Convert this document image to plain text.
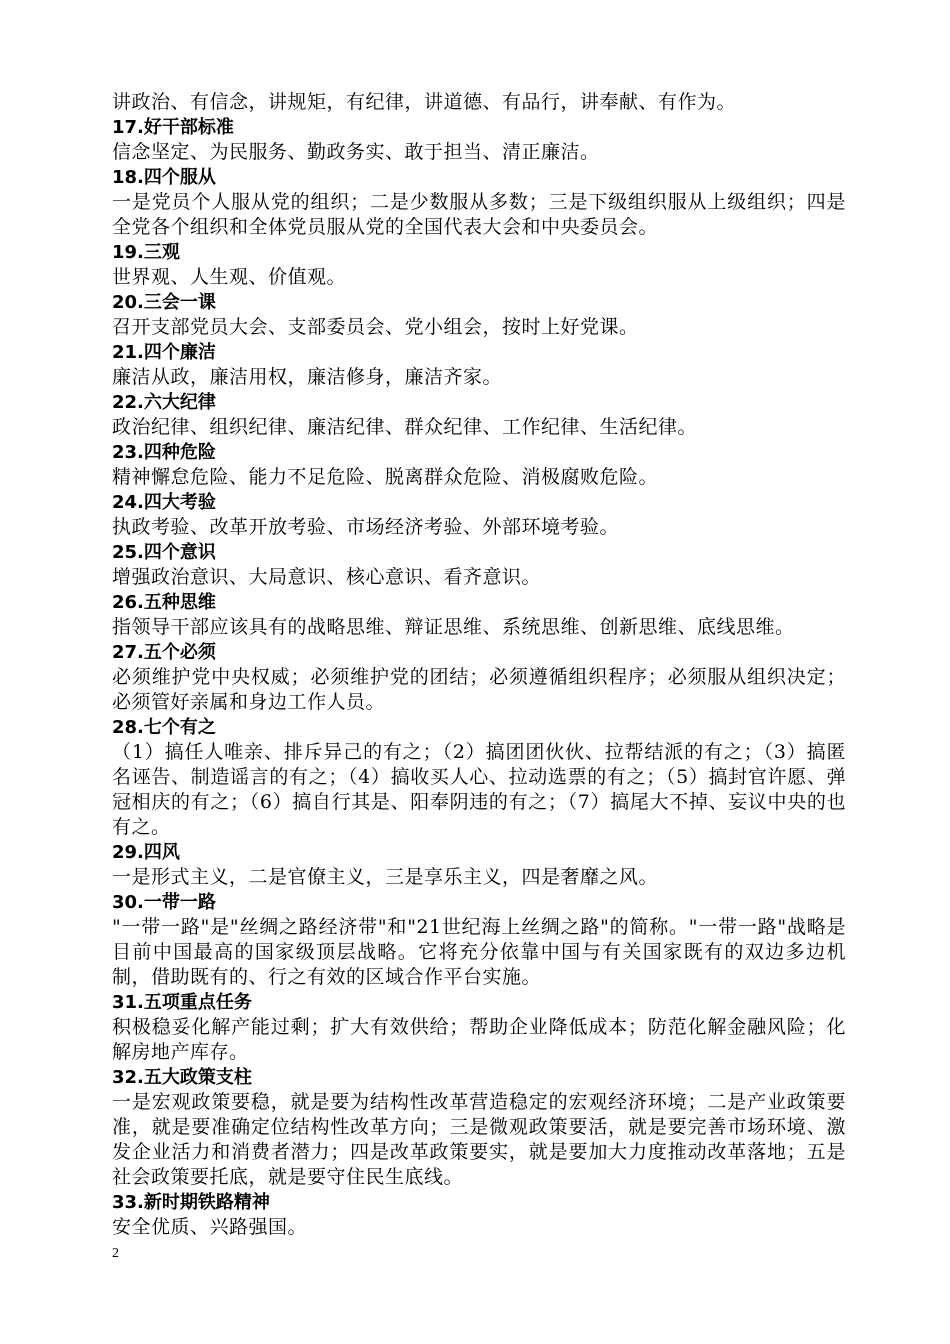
讲政治、有信念，讲规矩，有纪律，讲道德、有品行，讲奉献、有作为。

17.好干部标准

信念坚定、为民服务、勤政务实、敢于担当、清正廉洁。

18.四个服从

一是党员个人服从党的组织；二是少数服从多数；三是下级组织服从上级组织；四是全党各个组织和全体党员服从党的全国代表大会和中央委员会。

19.三观

世界观、人生观、价值观。

20.三会一课

召开支部党员大会、支部委员会、党小组会，按时上好党课。

21.四个廉洁

廉洁从政，廉洁用权，廉洁修身，廉洁齐家。

22.六大纪律

政治纪律、组织纪律、廉洁纪律、群众纪律、工作纪律、生活纪律。

23.四种危险

精神懈怠危险、能力不足危险、脱离群众危险、消极腐败危险。

24.四大考验

执政考验、改革开放考验、市场经济考验、外部环境考验。

25.四个意识

增强政治意识、大局意识、核心意识、看齐意识。

26.五种思维

指领导干部应该具有的战略思维、辩证思维、系统思维、创新思维、底线思维。

27.五个必须

必须维护党中央权威；必须维护党的团结；必须遵循组织程序；必须服从组织决定；必须管好亲属和身边工作人员。

28.七个有之

（1）搞任人唯亲、排斥异己的有之；（2）搞团团伙伙、拉帮结派的有之；（3）搞匿名诬告、制造谣言的有之；（4）搞收买人心、拉动选票的有之；（5）搞封官许愿、弹冠相庆的有之；（6）搞自行其是、阳奉阴违的有之；（7）搞尾大不掉、妄议中央的也有之。

29.四风

一是形式主义，二是官僚主义，三是享乐主义，四是奢靡之风。

30.一带一路

"一带一路"是"丝绸之路经济带"和"21世纪海上丝绸之路"的简称。"一带一路"战略是目前中国最高的国家级顶层战略。它将充分依靠中国与有关国家既有的双边多边机制，借助既有的、行之有效的区域合作平台实施。

31.五项重点任务

积极稳妥化解产能过剩；扩大有效供给；帮助企业降低成本；防范化解金融风险；化解房地产库存。

32.五大政策支柱

一是宏观政策要稳，就是要为结构性改革营造稳定的宏观经济环境；二是产业政策要准，就是要准确定位结构性改革方向；三是微观政策要活，就是要完善市场环境、激发企业活力和消费者潜力；四是改革政策要实，就是要加大力度推动改革落地；五是社会政策要托底，就是要守住民生底线。

33.新时期铁路精神

安全优质、兴路强国。

2
